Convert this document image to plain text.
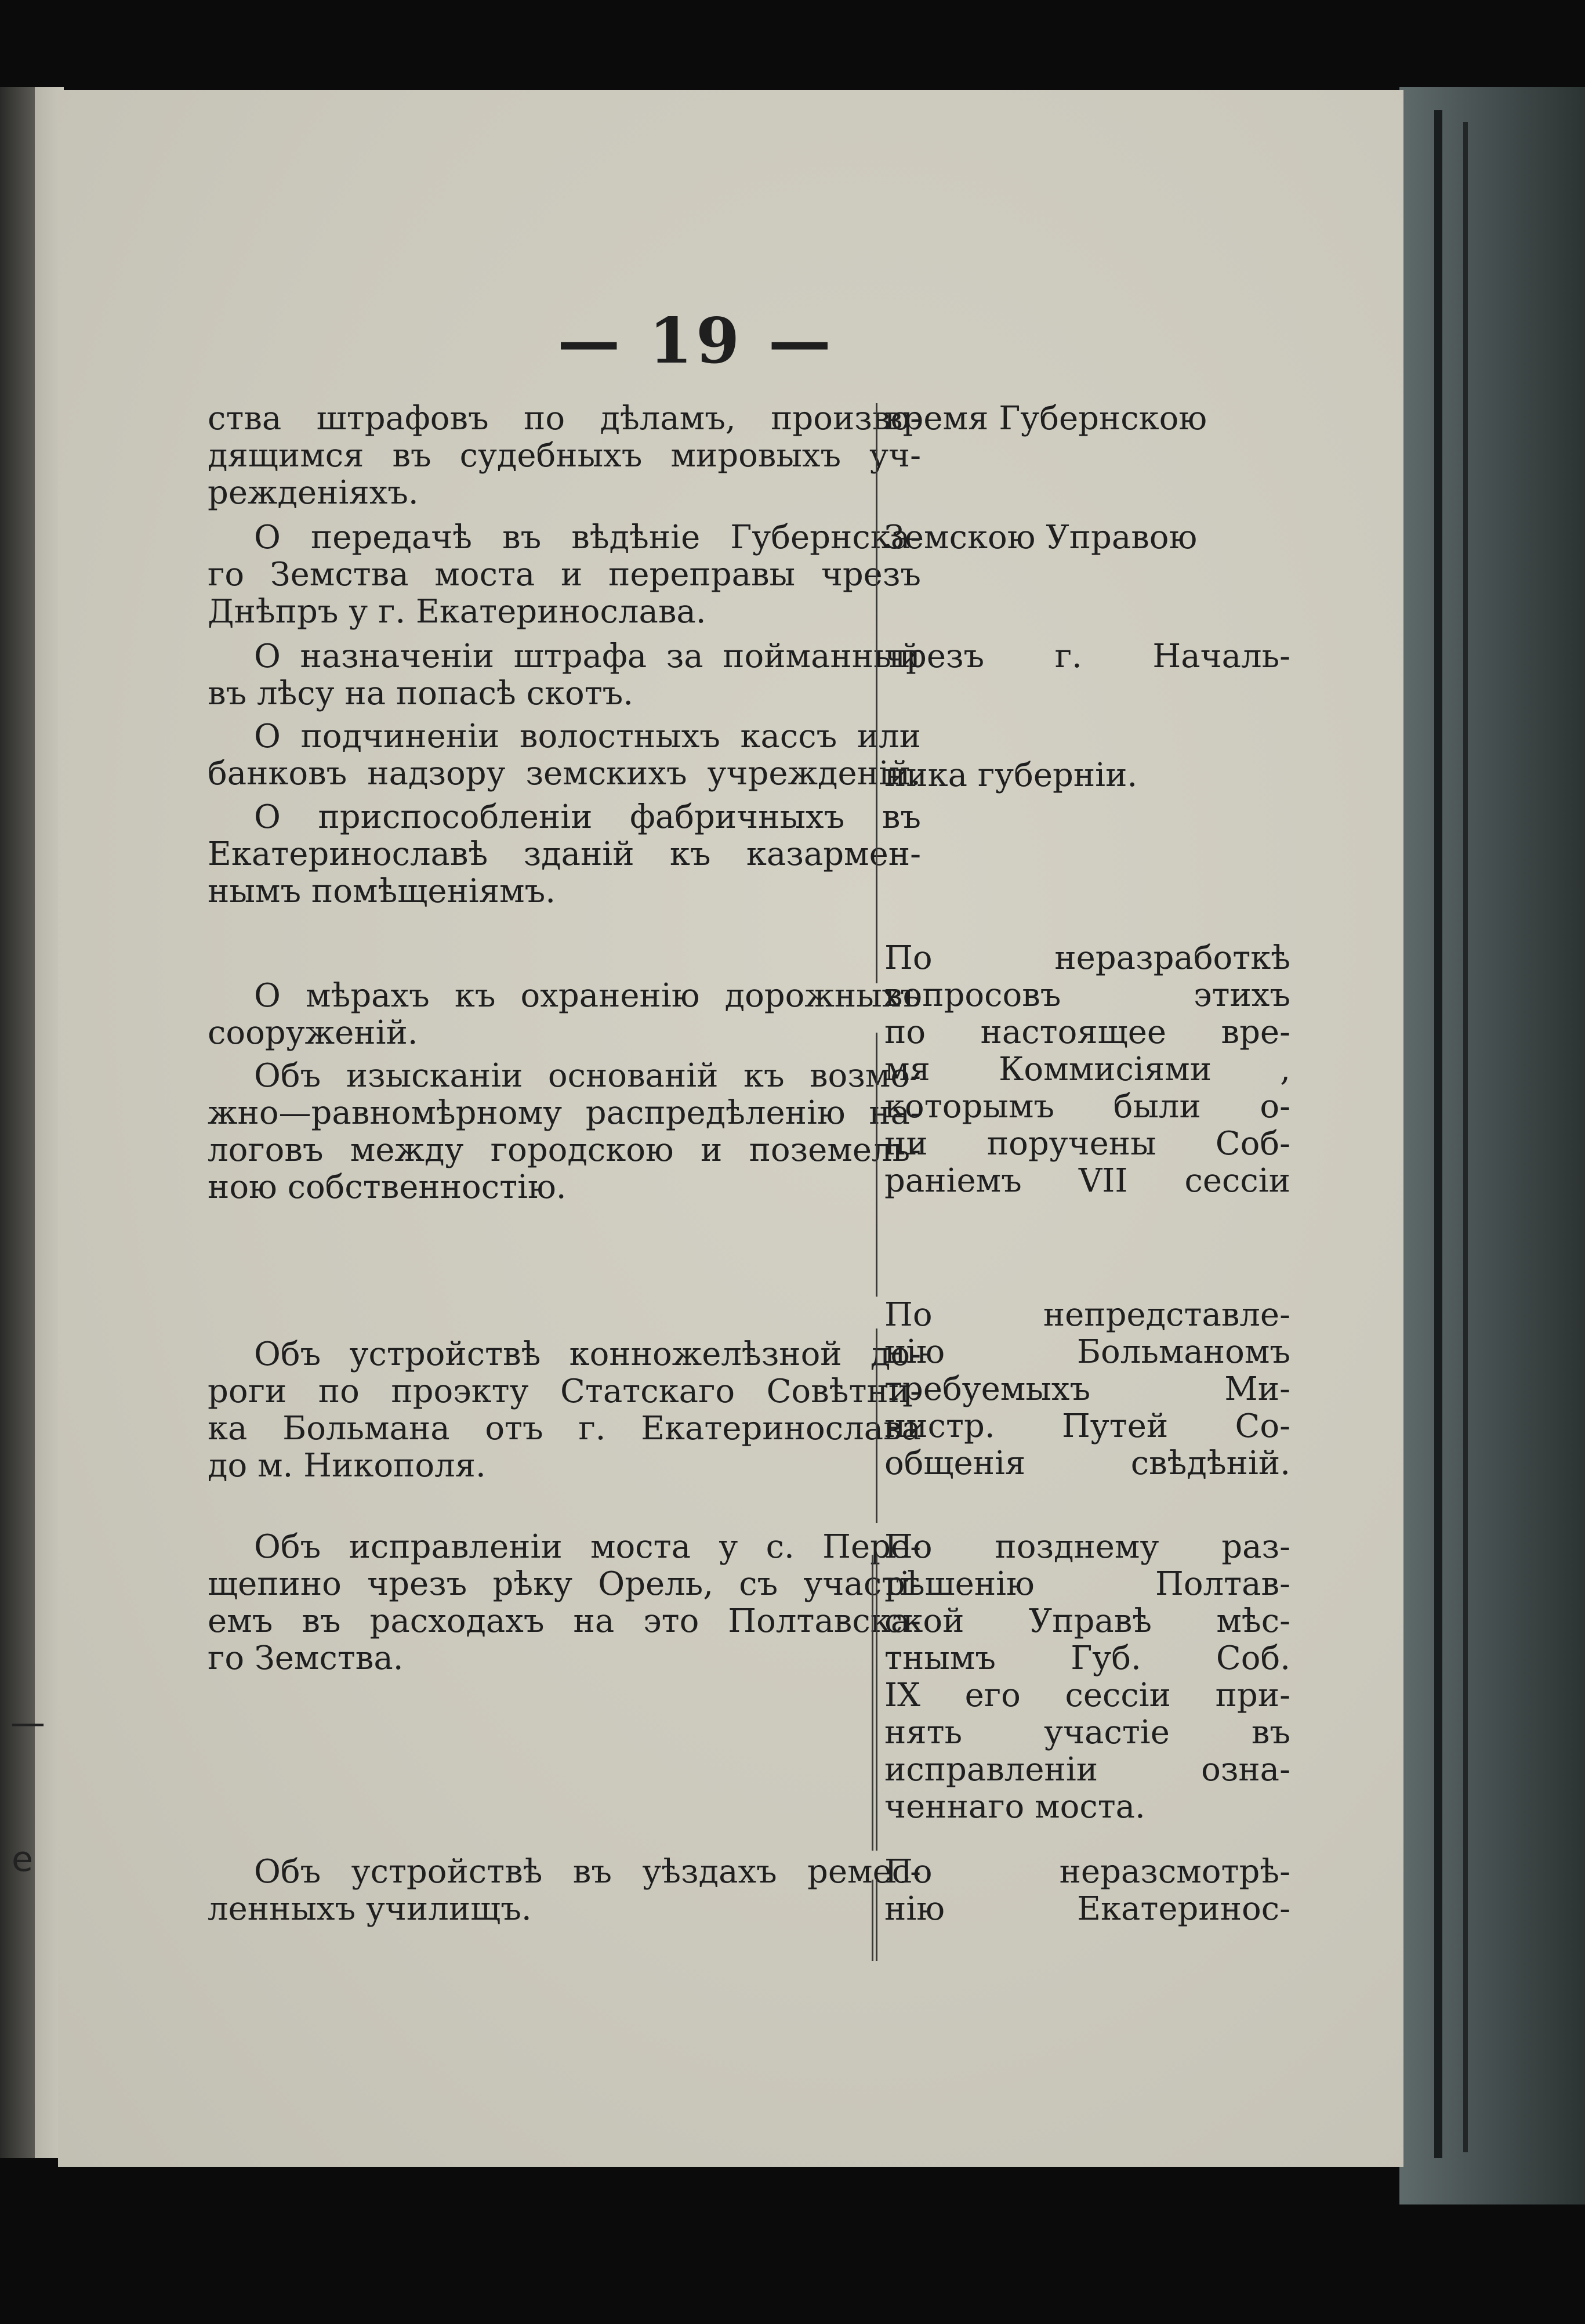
—
e
— 19 —
ства штрафовъ по дѣламъ, произво-
дящимся въ судебныхъ мировыхъ уч-
режденіяхъ.
О передачѣ въ вѣдѣніе Губернска-
го Земства моста и переправы чрезъ
Днѣпръ у г. Екатеринослава.
О назначеніи штрафа за пойманный
въ лѣсу на попасѣ скотъ.
О подчиненіи волостныхъ кассъ или
банковъ надзору земскихъ учрежденій.
О приспособленіи фабричныхъ въ
Екатеринославѣ зданій къ казармен-
нымъ помѣщеніямъ.
О мѣрахъ къ охраненію дорожныхъ
сооруженій.
Объ изысканіи основаній къ возмо-
жно—равномѣрному распредѣленію на-
логовъ между городскою и поземель-
ною собственностію.
Объ устройствѣ конножелѣзной до-
роги по проэкту Статскаго Совѣтни-
ка Больмана отъ г. Екатеринослава
до м. Никополя.
Объ исправленіи моста у с. Пере-
щепино чрезъ рѣку Орель, съ участі-
емъ въ расходахъ на это Полтавска-
го Земства.
Объ устройствѣ въ уѣздахъ ремес-
ленныхъ училищъ.
время Губернскою
Земскою Управою
чрезъ г. Началь-
ника губерніи.
По неразработкѣ
вопросовъ этихъ
по настоящее вре-
мя Коммисіями ,
которымъ были о-
ни поручены Соб-
раніемъ VII сессіи
По непредставле-
нію Больманомъ
требуемыхъ Ми-
нистр. Путей Со-
общенія свѣдѣній.
По позднему раз-
рѣшенію Полтав-
ской Управѣ мѣс-
тнымъ Губ. Соб.
IX его сессіи при-
нять участіе въ
исправленіи озна-
ченнаго моста.
По неразсмотрѣ-
нію Екатеринос-
